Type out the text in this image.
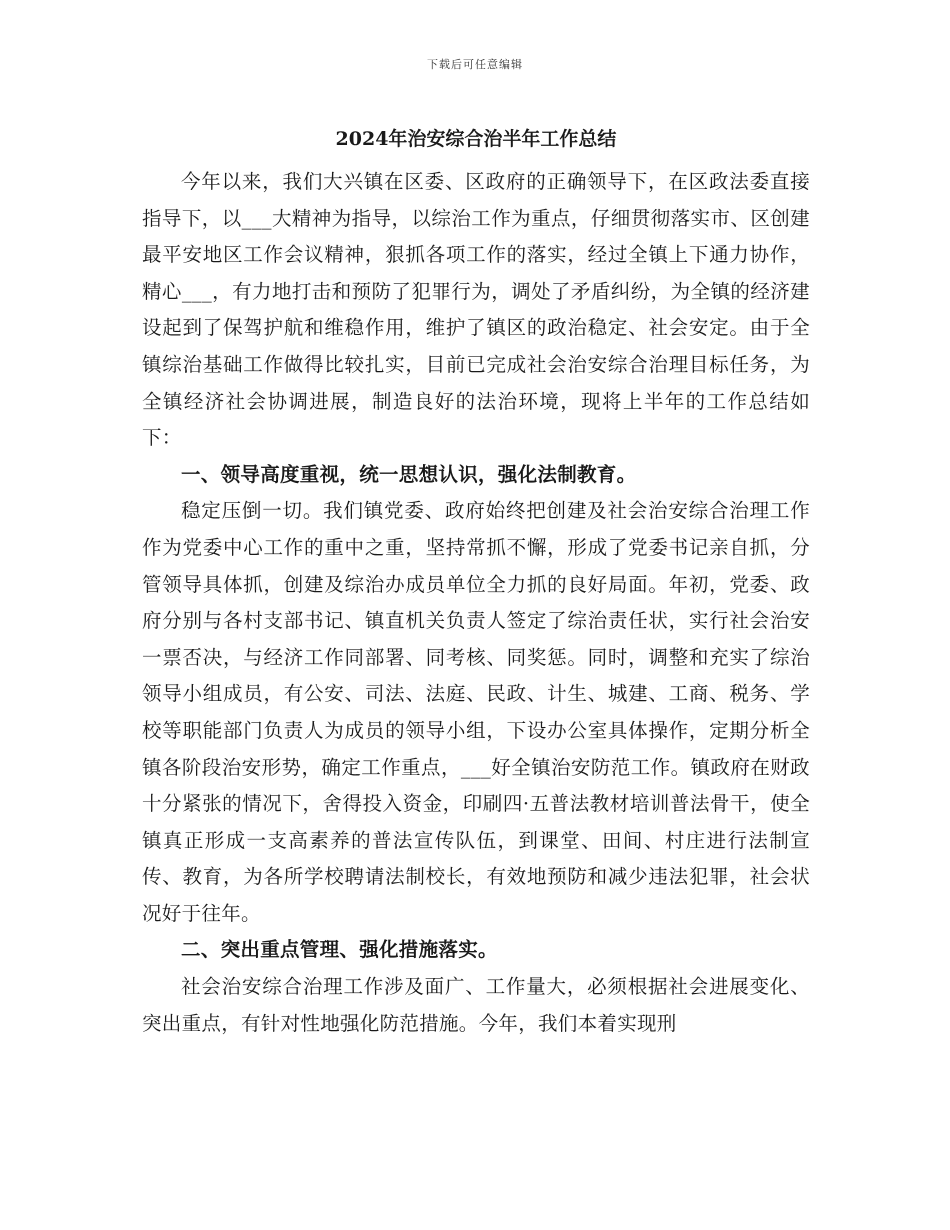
下载后可任意编辑
2024年治安综合治半年工作总结

今年以来，我们大兴镇在区委、区政府的正确领导下，在区政法委直接指导下，以___大精神为指导，以综治工作为重点，仔细贯彻落实市、区创建最平安地区工作会议精神，狠抓各项工作的落实，经过全镇上下通力协作，精心___，有力地打击和预防了犯罪行为，调处了矛盾纠纷，为全镇的经济建设起到了保驾护航和维稳作用，维护了镇区的政治稳定、社会安定。由于全镇综治基础工作做得比较扎实，目前已完成社会治安综合治理目标任务，为全镇经济社会协调进展，制造良好的法治环境，现将上半年的工作总结如下：

一、领导高度重视，统一思想认识，强化法制教育。

稳定压倒一切。我们镇党委、政府始终把创建及社会治安综合治理工作作为党委中心工作的重中之重，坚持常抓不懈，形成了党委书记亲自抓，分管领导具体抓，创建及综治办成员单位全力抓的良好局面。年初，党委、政府分别与各村支部书记、镇直机关负责人签定了综治责任状，实行社会治安一票否决，与经济工作同部署、同考核、同奖惩。同时，调整和充实了综治领导小组成员，有公安、司法、法庭、民政、计生、城建、工商、税务、学校等职能部门负责人为成员的领导小组，下设办公室具体操作，定期分析全镇各阶段治安形势，确定工作重点，___好全镇治安防范工作。镇政府在财政十分紧张的情况下，舍得投入资金，印刷四·五普法教材培训普法骨干，使全镇真正形成一支高素养的普法宣传队伍，到课堂、田间、村庄进行法制宣传、教育，为各所学校聘请法制校长，有效地预防和减少违法犯罪，社会状况好于往年。

二、突出重点管理、强化措施落实。

社会治安综合治理工作涉及面广、工作量大，必须根据社会进展变化、突出重点，有针对性地强化防范措施。今年，我们本着实现刑
